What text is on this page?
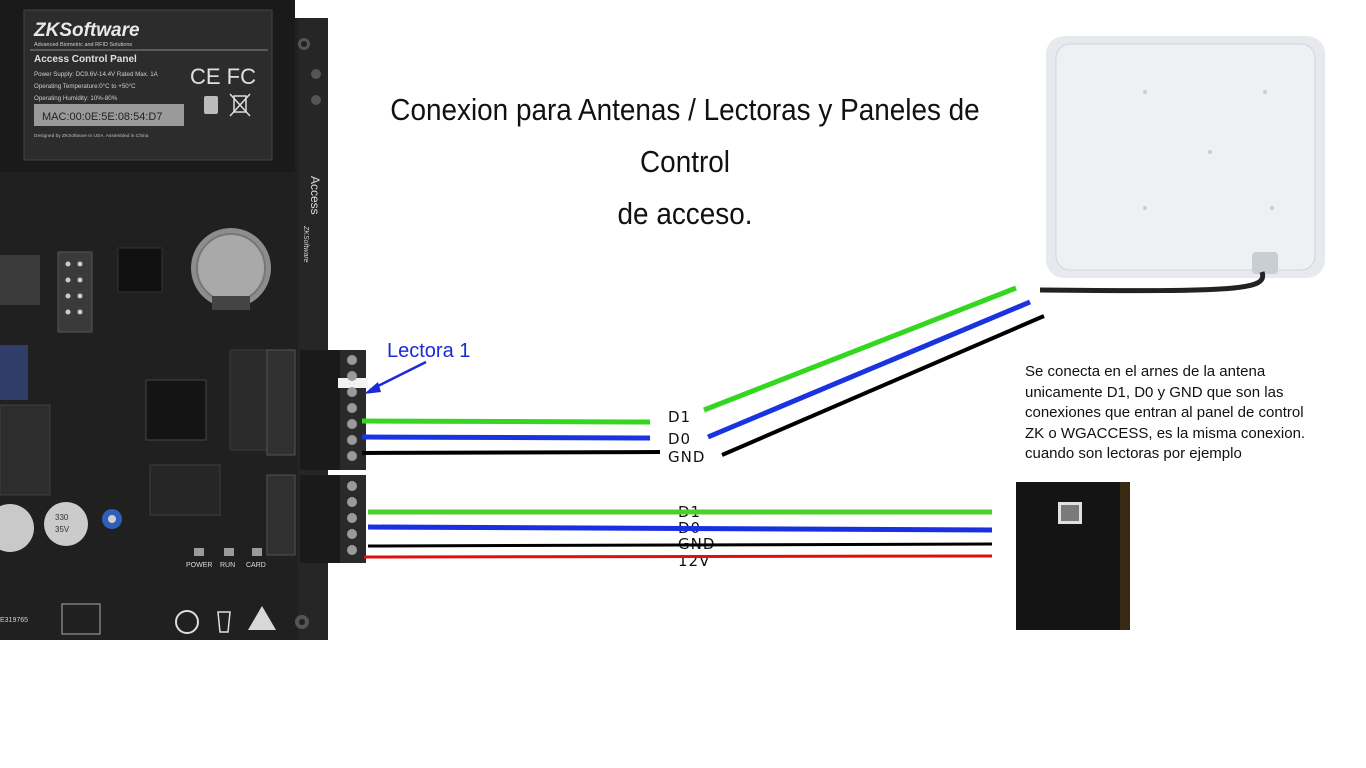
ZKSoftware
Advanced Biometric and RFID Solutions
Access Control Panel
Power Supply: DC9.6V-14.4V Rated Max. 1A
Operating Temperature:0°C to +50°C
Operating Humidity: 10%-80%
MAC:00:0E:5E:08:54:D7
Designed by ZKSoftware in USA. Assembled in China
CE FC
Access
ZKSoftware
330
35V
POWER RUN CARD
E319765
D1
D0
GND
D1
D0
GND
12V
Lectora 1
Conexion para Antenas / Lectoras y Paneles de Control
de acceso.
Se conecta en el arnes de la antena
unicamente D1, D0 y GND que son las
conexiones que entran al panel de control
ZK o WGACCESS, es la misma conexion.
cuando son lectoras por ejemplo
